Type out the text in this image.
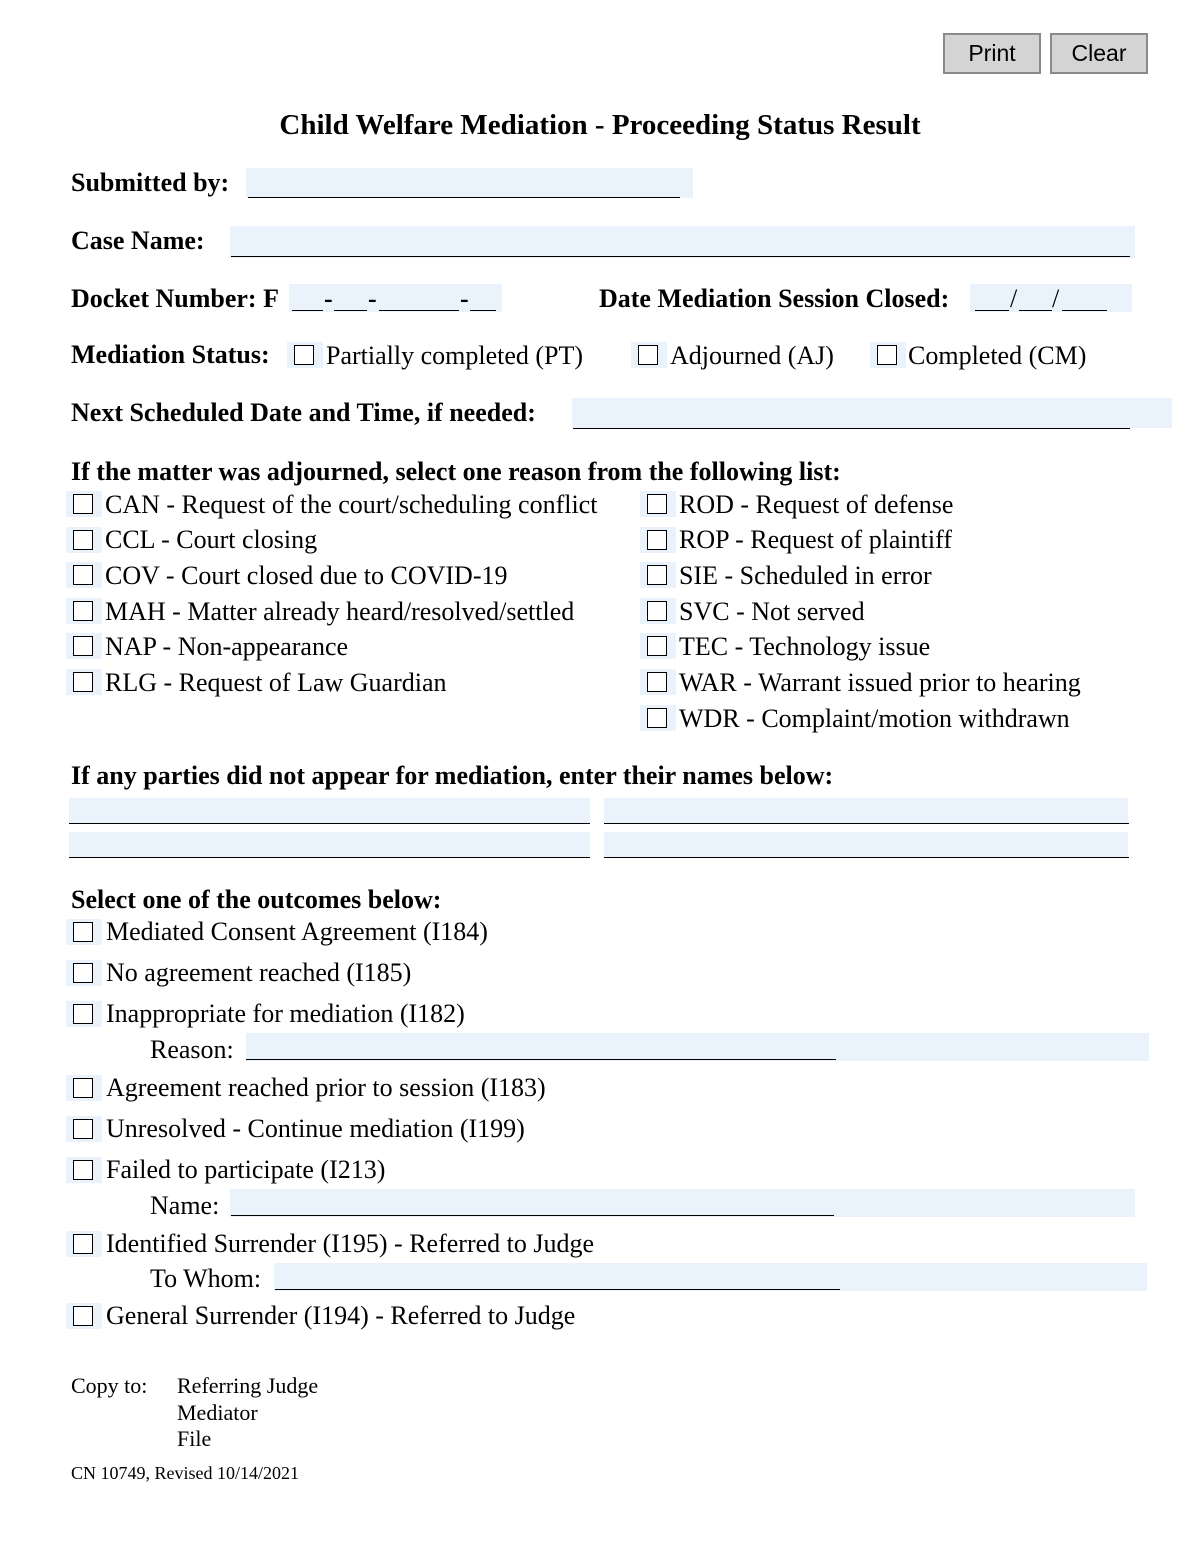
Print	Clear
Child Welfare Mediation - Proceeding Status Result
Submitted by:
Case Name:
Docket Number: F - -	-	Date Mediation Session Closed: / /
Mediation Status: Partially completed (PT)	Adjourned (AJ)	Completed (CM)
Next Scheduled Date and Time, if needed:
If the matter was adjourned, select one reason from the following list:
CAN - Request of the court/scheduling conflict
CCL - Court closing
COV - Court closed due to COVID-19
MAH - Matter already heard/resolved/settled
NAP - Non-appearance
RLG - Request of Law Guardian
ROD - Request of defense
ROP - Request of plaintiff
SIE - Scheduled in error
SVC - Not served
TEC - Technology issue
WAR - Warrant issued prior to hearing
WDR - Complaint/motion withdrawn
If any parties did not appear for mediation, enter their names below:
Select one of the outcomes below:
Mediated Consent Agreement (I184)
No agreement reached (I185)
Inappropriate for mediation (I182)
Reason:
Agreement reached prior to session (I183)
Unresolved - Continue mediation (I199)
Failed to participate (I213)
Name:
Identified Surrender (I195) - Referred to Judge
To Whom:
General Surrender (I194) - Referred to Judge
Copy to: Referring Judge
Mediator
File
CN 10749, Revised 10/14/2021
